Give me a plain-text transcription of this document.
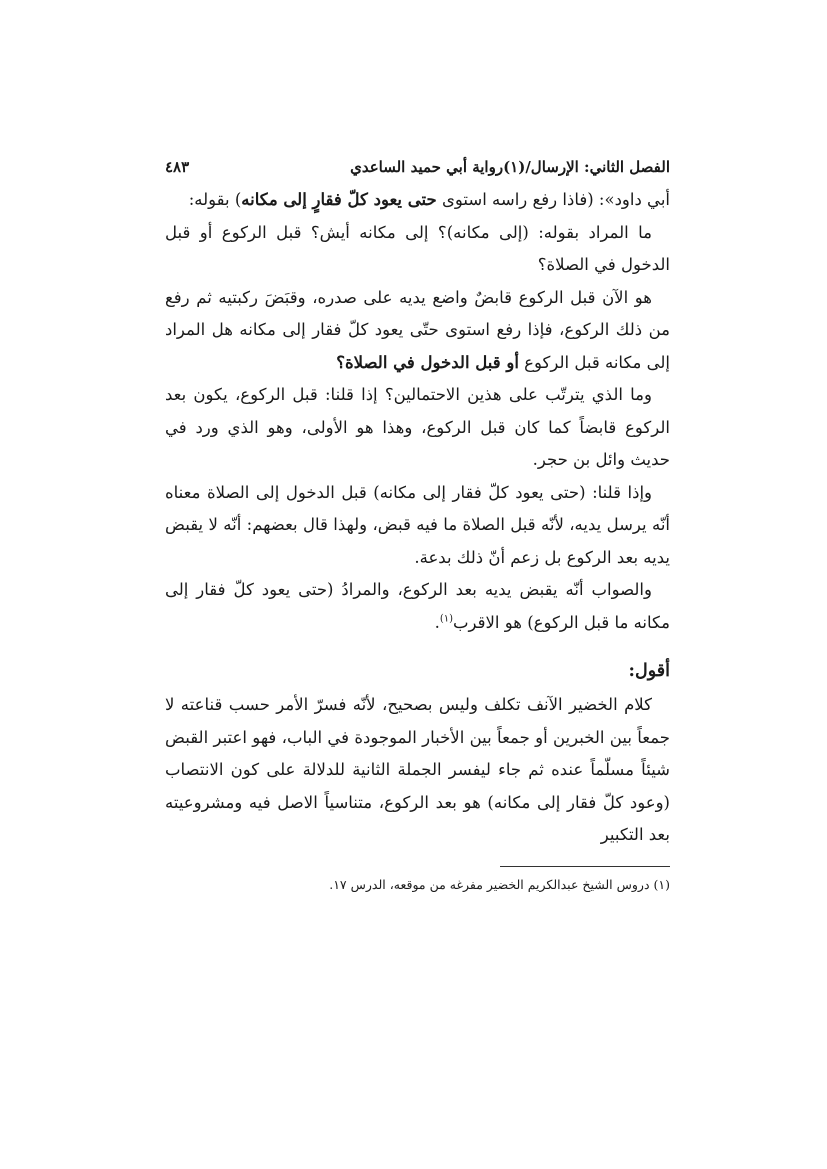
الفصل الثاني: الإرسال/(١)رواية أبي حميد الساعدي
٤٨٣

أبي داود»: (فاذا رفع راسه استوى حتى يعود كلّ فقارٍ إلى مكانه) بقوله:

ما المراد بقوله: (إلى مكانه)؟ إلى مكانه أيش؟ قبل الركوع أو قبل الدخول في الصلاة؟

هو الآن قبل الركوع قابضٌ واضع يديه على صدره، وقبَضَ ركبتيه ثم رفع من ذلك الركوع، فإذا رفع استوى حتّى يعود كلّ فقار إلى مكانه هل المراد إلى مكانه قبل الركوع أو قبل الدخول في الصلاة؟

وما الذي يترتّب على هذين الاحتمالين؟ إذا قلنا: قبل الركوع، يكون بعد الركوع قابضاً كما كان قبل الركوع، وهذا هو الأولى، وهو الذي ورد في حديث وائل بن حجر.

وإذا قلنا: (حتى يعود كلّ فقار إلى مكانه) قبل الدخول إلى الصلاة معناه أنّه يرسل يديه، لأنّه قبل الصلاة ما فيه قبض، ولهذا قال بعضهم: أنّه لا يقبض يديه بعد الركوع بل زعم أنّ ذلك بدعة.

والصواب أنّه يقبض يديه بعد الركوع، والمرادُ (حتى يعود كلّ فقار إلى مكانه ما قبل الركوع) هو الاقرب$^{(١)}$.

أقول:

كلام الخضير الآنف تكلف وليس بصحيح، لأنّه فسرّ الأمر حسب قناعته لا جمعاً بين الخبرين أو جمعاً بين الأخبار الموجودة في الباب، فهو اعتبر القبض شيئاً مسلّماً عنده ثم جاء ليفسر الجملة الثانية للدلالة على كون الانتصاب (وعود كلّ فقار إلى مكانه) هو بعد الركوع، متناسياً الاصل فيه ومشروعيته بعد التكبير

(١) دروس الشيخ عبدالكريم الخضير مفرغه من موقعه، الدرس ١٧.
